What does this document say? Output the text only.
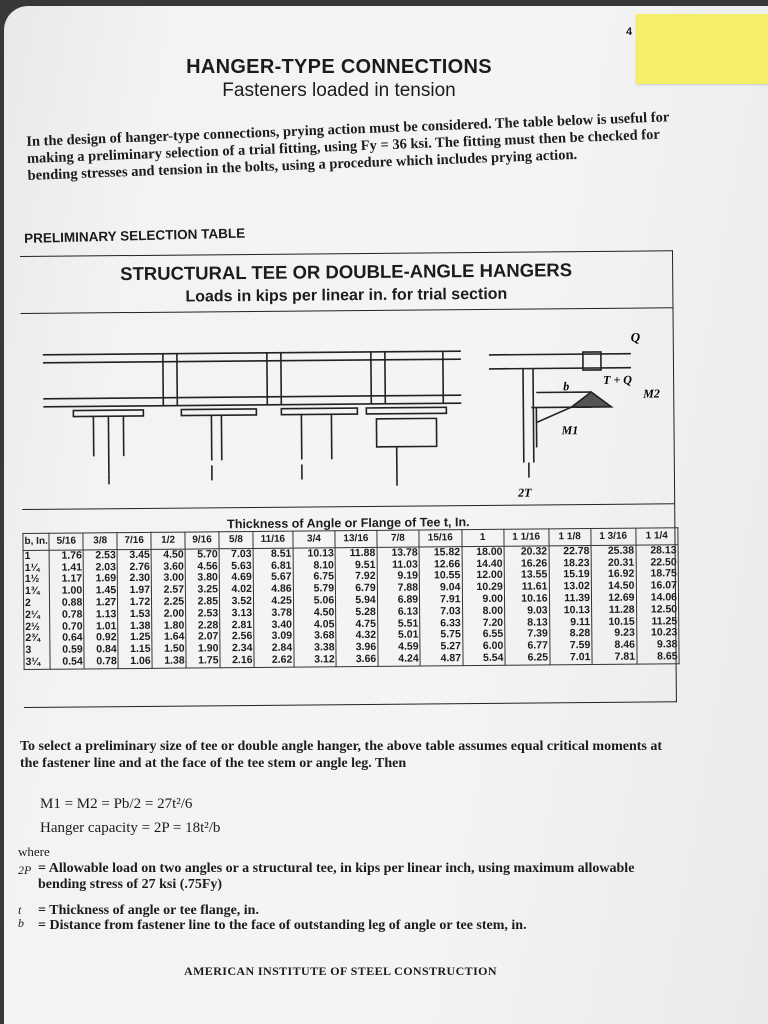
4
HANGER-TYPE CONNECTIONS
Fasteners loaded in tension
In the design of hanger-type connections, prying action must be considered. The table below is useful for making a preliminary selection of a trial fitting, using Fy = 36 ksi. The fitting must then be checked for bending stresses and tension in the bolts, using a procedure which includes prying action.
PRELIMINARY SELECTION TABLE
STRUCTURAL TEE OR DOUBLE-ANGLE HANGERS
Loads in kips per linear in. for trial section
Q
T + Q
M2
M1
b
2T
Thickness of Angle or Flange of Tee t, In.
b, In.	5/16	3/8	7/16	1/2	9/16	5/8	11/16	3/4	13/16	7/8	15/16	1	1 1/16	1 1/8	1 3/16	1 1/4
1	1.76	2.53	3.45	4.50	5.70	7.03	8.51	10.13	11.88	13.78	15.82	18.00	20.32	22.78	25.38	28.13
1¼	1.41	2.03	2.76	3.60	4.56	5.63	6.81	8.10	9.51	11.03	12.66	14.40	16.26	18.23	20.31	22.50
1½	1.17	1.69	2.30	3.00	3.80	4.69	5.67	6.75	7.92	9.19	10.55	12.00	13.55	15.19	16.92	18.75
1¾	1.00	1.45	1.97	2.57	3.25	4.02	4.86	5.79	6.79	7.88	9.04	10.29	11.61	13.02	14.50	16.07
2	0.88	1.27	1.72	2.25	2.85	3.52	4.25	5.06	5.94	6.89	7.91	9.00	10.16	11.39	12.69	14.06
2¼	0.78	1.13	1.53	2.00	2.53	3.13	3.78	4.50	5.28	6.13	7.03	8.00	9.03	10.13	11.28	12.50
2½	0.70	1.01	1.38	1.80	2.28	2.81	3.40	4.05	4.75	5.51	6.33	7.20	8.13	9.11	10.15	11.25
2¾	0.64	0.92	1.25	1.64	2.07	2.56	3.09	3.68	4.32	5.01	5.75	6.55	7.39	8.28	9.23	10.23
3	0.59	0.84	1.15	1.50	1.90	2.34	2.84	3.38	3.96	4.59	5.27	6.00	6.77	7.59	8.46	9.38
3¼	0.54	0.78	1.06	1.38	1.75	2.16	2.62	3.12	3.66	4.24	4.87	5.54	6.25	7.01	7.81	8.65
To select a preliminary size of tee or double angle hanger, the above table assumes equal critical moments at the fastener line and at the face of the tee stem or angle leg. Then
M1 = M2 = Pb/2 = 27t²/6
Hanger capacity = 2P = 18t²/b
where
2P = Allowable load on two angles or a structural tee, in kips per linear inch, using maximum allowable bending stress of 27 ksi (.75Fy)
t = Thickness of angle or tee flange, in.
b = Distance from fastener line to the face of outstanding leg of angle or tee stem, in.
AMERICAN INSTITUTE OF STEEL CONSTRUCTION
